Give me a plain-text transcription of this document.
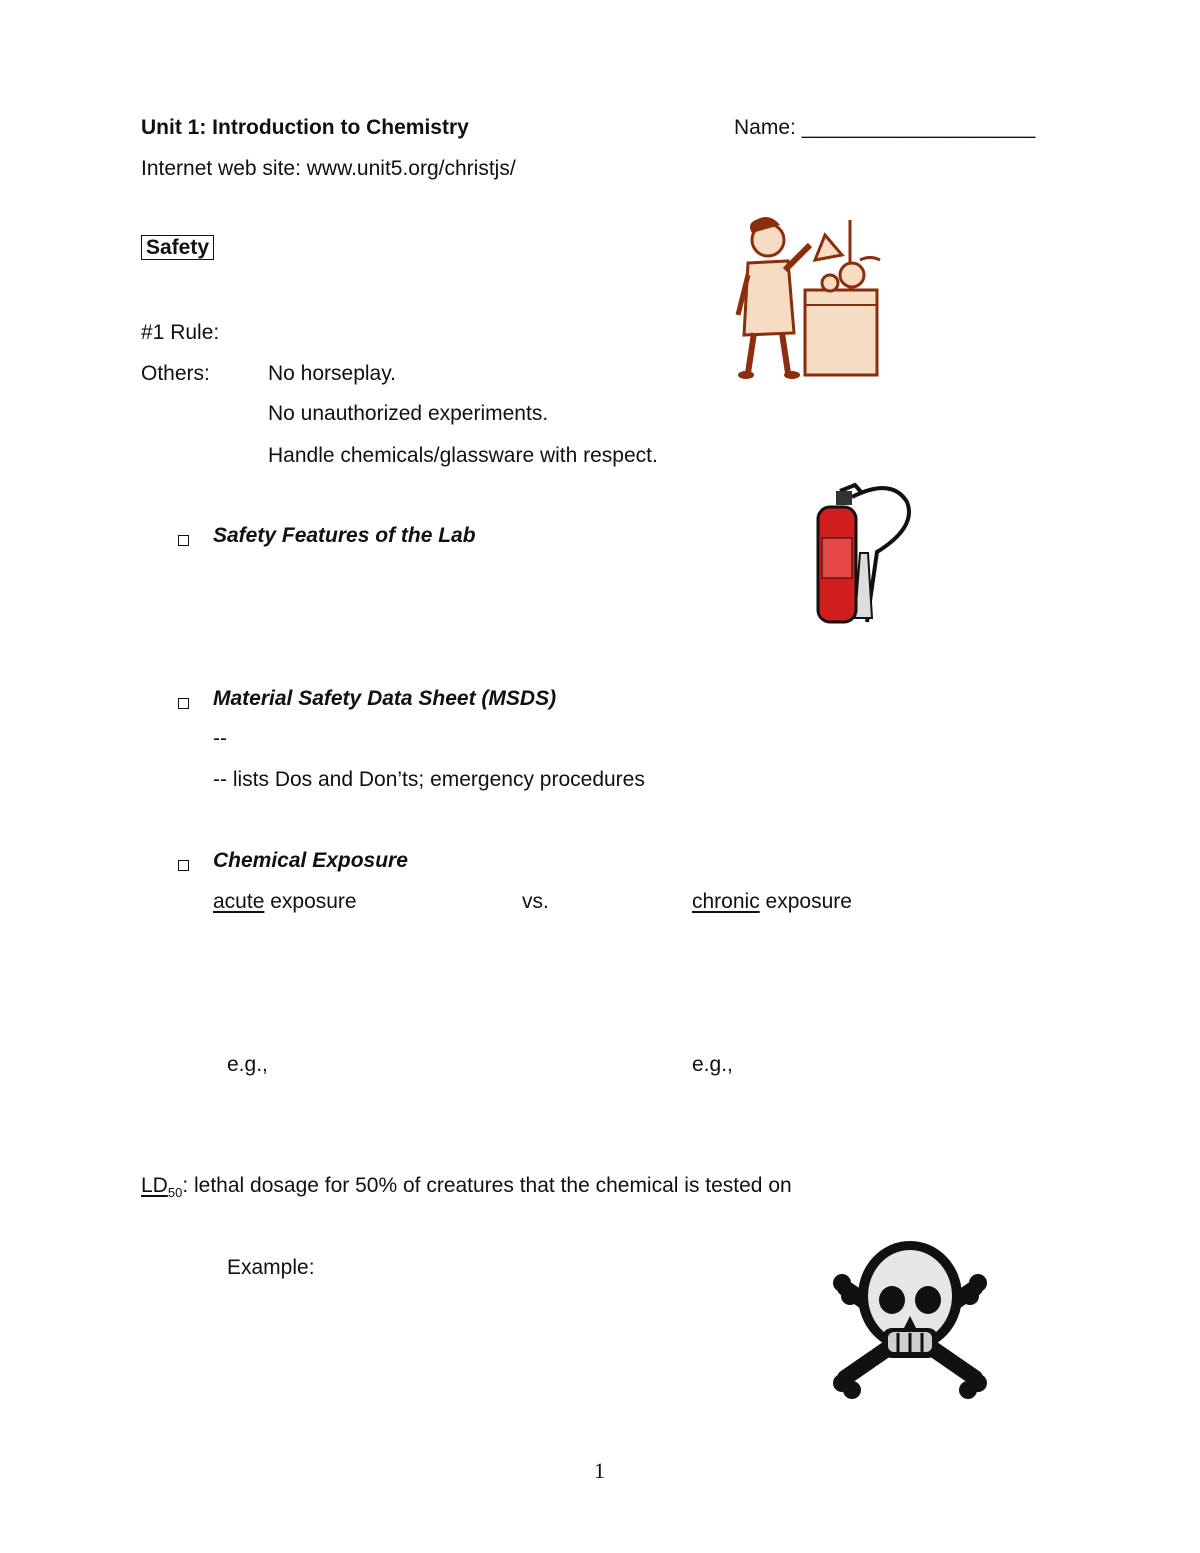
Unit 1: Introduction to Chemistry	Name: ____________________
Internet web site: www.unit5.org/christjs/
Safety
#1 Rule:
Others:	No horseplay.
No unauthorized experiments.
Handle chemicals/glassware with respect.
Safety Features of the Lab
Material Safety Data Sheet (MSDS)
--
-- lists Dos and Don’ts; emergency procedures
Chemical Exposure
acute exposure	vs.	chronic exposure
e.g.,	e.g.,
$LD_{50}$: lethal dosage for 50% of creatures that the chemical is tested on
Example:
1
